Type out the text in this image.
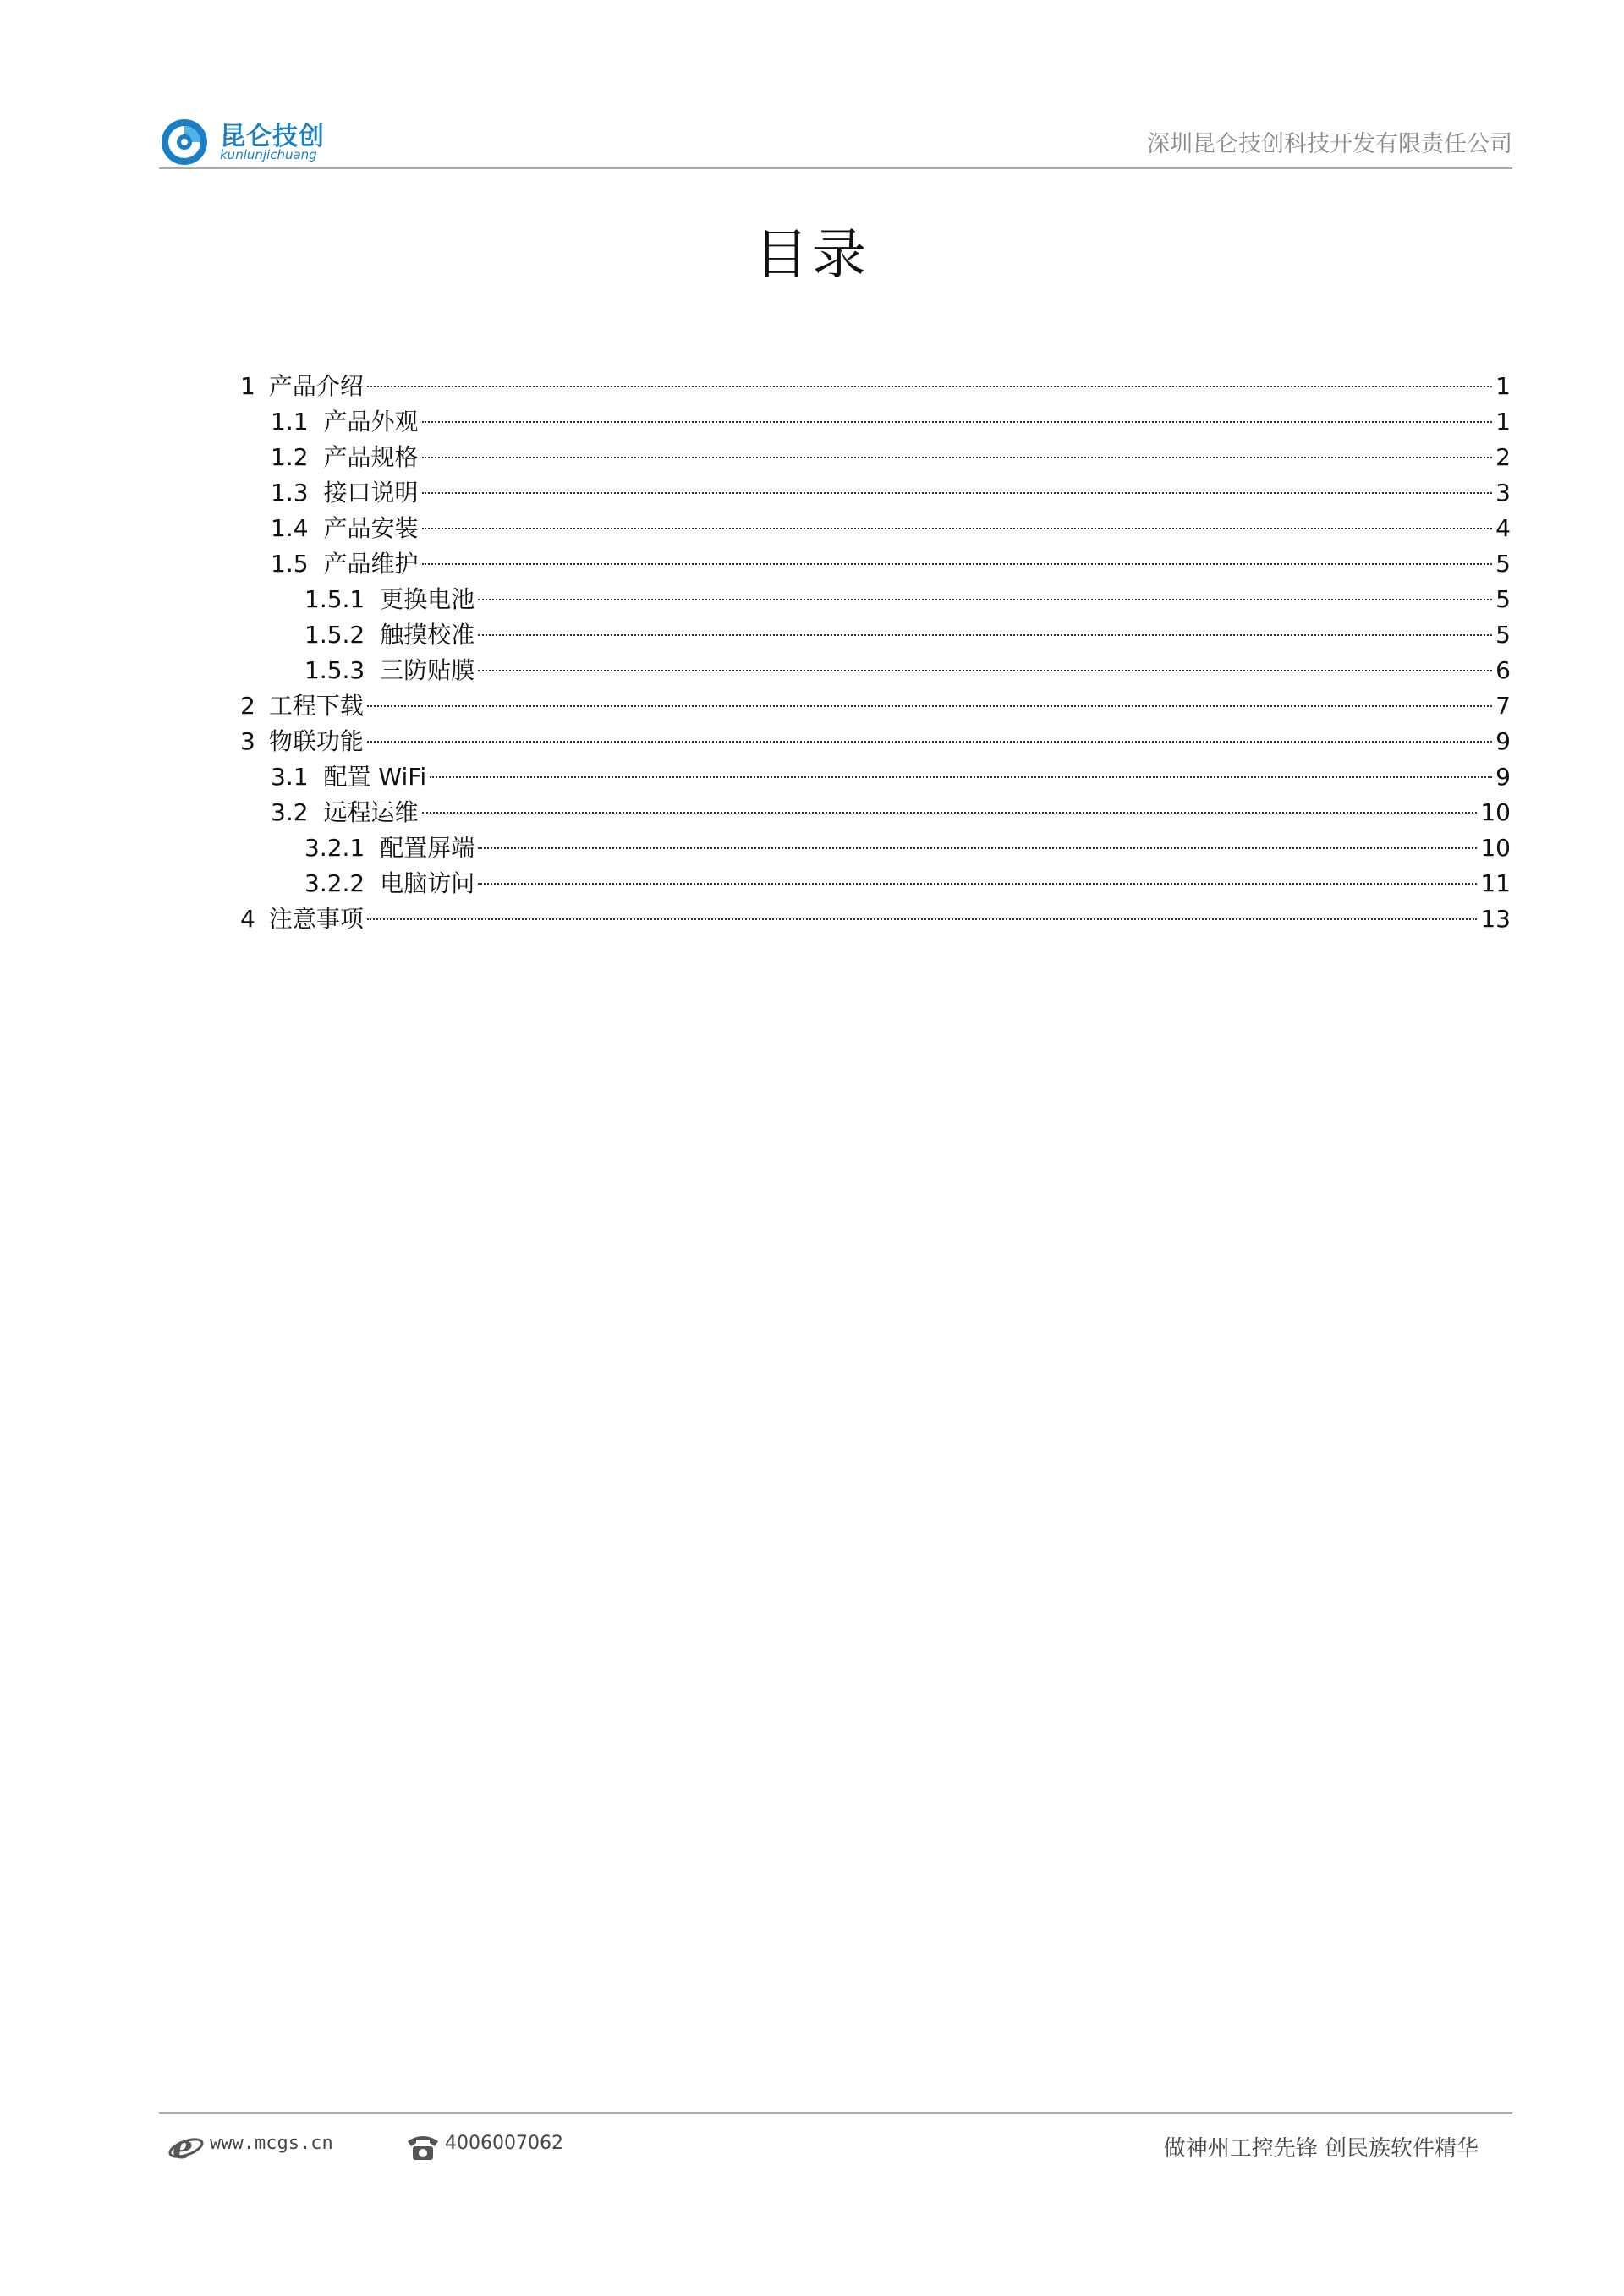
昆仑技创
kunlunjichuang	深圳昆仑技创科技开发有限责任公司
目录
1 产品介绍	1
1.1 产品外观	1
1.2 产品规格	2
1.3 接口说明	3
1.4 产品安装	4
1.5 产品维护	5
1.5.1 更换电池	5
1.5.2 触摸校准	5
1.5.3 三防贴膜	6
2 工程下载	7
3 物联功能	9
3.1 配置 WiFi	9
3.2 远程运维	10
3.2.1 配置屏端	10
3.2.2 电脑访问	11
4 注意事项	13
e www.mcgs.cn	4006007062	做神州工控先锋 创民族软件精华
